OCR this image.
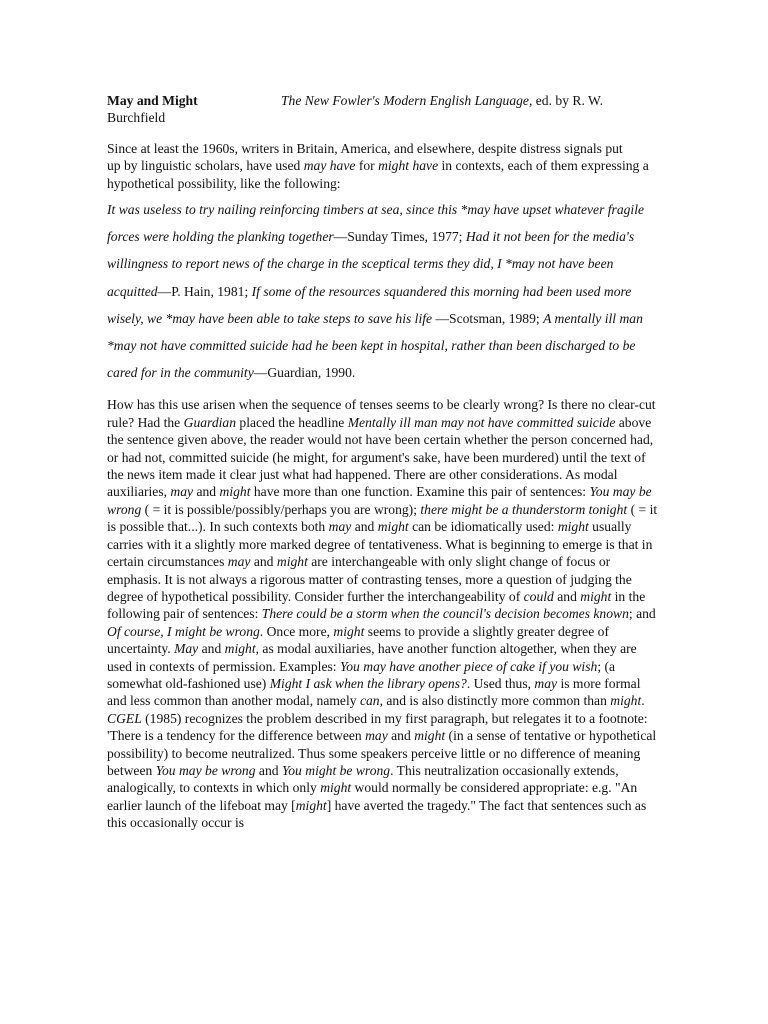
May and Might	The New Fowler's Modern English Language, ed. by R. W.
Burchfield
Since at least the 1960s, writers in Britain, America, and elsewhere, despite distress signals put
up by linguistic scholars, have used may have for might have in contexts, each of them expressing a hypothetical possibility, like the following:
It was useless to try nailing reinforcing timbers at sea, since this *may have upset whatever fragile forces were holding the planking together—Sunday Times, 1977; Had it not been for the media's willingness to report news of the charge in the sceptical terms they did, I *may not have been acquitted—P. Hain, 1981; If some of the resources squandered this morning had been used more wisely, we *may have been able to take steps to save his life —Scotsman, 1989; A mentally ill man *may not have committed suicide had he been kept in hospital, rather than been discharged to be cared for in the community—Guardian, 1990.
How has this use arisen when the sequence of tenses seems to be clearly wrong? Is there no clear-cut rule? Had the Guardian placed the headline Mentally ill man may not have committed suicide above the sentence given above, the reader would not have been certain whether the person concerned had, or had not, committed suicide (he might, for argument's sake, have been murdered) until the text of the news item made it clear just what had happened. There are other considerations. As modal auxiliaries, may and might have more than one function. Examine this pair of sentences: You may be wrong ( = it is possible/possibly/perhaps you are wrong); there might be a thunderstorm tonight ( = it is possible that...). In such contexts both may and might can be idiomatically used: might usually carries with it a slightly more marked degree of tentativeness. What is beginning to emerge is that in certain circumstances may and might are interchangeable with only slight change of focus or emphasis. It is not always a rigorous matter of contrasting tenses, more a question of judging the degree of hypothetical possibility. Consider further the interchangeability of could and might in the following pair of sentences: There could be a storm when the council's decision becomes known; and Of course, I might be wrong. Once more, might seems to provide a slightly greater degree of uncertainty. May and might, as modal auxiliaries, have another function altogether, when they are used in contexts of permission. Examples: You may have another piece of cake if you wish; (a somewhat old-fashioned use) Might I ask when the library opens?. Used thus, may is more formal and less common than another modal, namely can, and is also distinctly more common than might. CGEL (1985) recognizes the problem described in my first paragraph, but relegates it to a footnote: 'There is a tendency for the difference between may and might (in a sense of tentative or hypothetical possibility) to become neutralized. Thus some speakers perceive little or no difference of meaning between You may be wrong and You might be wrong. This neutralization occasionally extends, analogically, to contexts in which only might would normally be considered appropriate: e.g. "An earlier launch of the lifeboat may [might] have averted the tragedy." The fact that sentences such as this occasionally occur is
